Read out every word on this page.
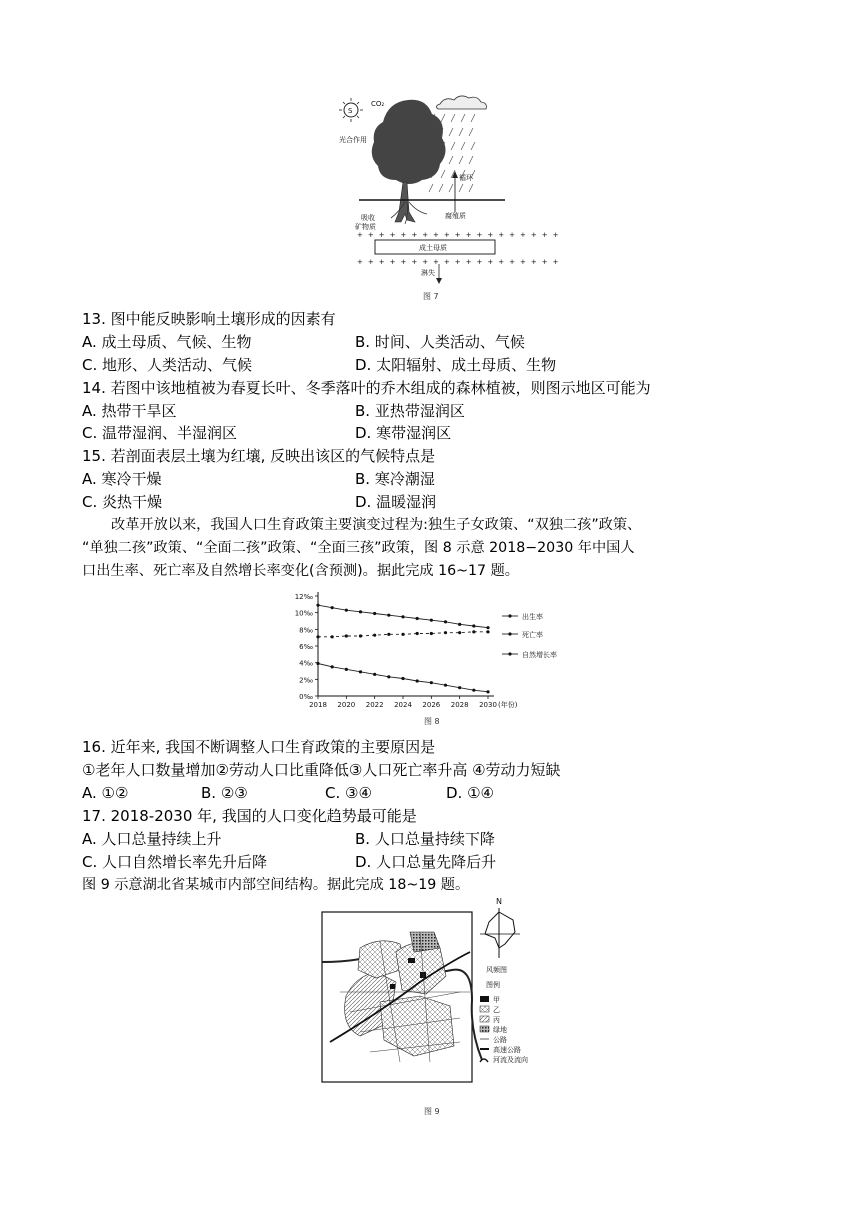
S
CO₂
光合作用
循环
腐殖质
吸收
矿物质
+++++++++++++++++++
成土母质
+++++++++++++++++++
淋失
图 7
13. 图中能反映影响土壤形成的因素有
A. 成土母质、气候、生物	B. 时间、人类活动、气候
C. 地形、人类活动、气候	D. 太阳辐射、成土母质、生物
14. 若图中该地植被为春夏长叶、冬季落叶的乔木组成的森林植被，则图示地区可能为
A. 热带干旱区	B. 亚热带湿润区
C. 温带湿润、半湿润区	D. 寒带湿润区
15. 若剖面表层土壤为红壤, 反映出该区的气候特点是
A. 寒冷干燥	B. 寒冷潮湿
C. 炎热干燥	D. 温暖湿润
改革开放以来，我国人口生育政策主要演变过程为:独生子女政策、“双独二孩”政策、
“单独二孩”政策、“全面二孩”政策、“全面三孩”政策，图 8 示意 2018−2030 年中国人
口出生率、死亡率及自然增长率变化(含预测)。据此完成 16~17 题。
12‰
10‰
8‰
6‰
4‰
2‰
0‰
2018 2020 2022 2024 2026 2028 2030 (年份)
出生率
死亡率
自然增长率
图 8
16. 近年来, 我国不断调整人口生育政策的主要原因是
①老年人口数量增加②劳动人口比重降低③人口死亡率升高 ④劳动力短缺
A. ①②	B. ②③	C. ③④	D. ①④
17. 2018-2030 年, 我国的人口变化趋势最可能是
A. 人口总量持续上升	B. 人口总量持续下降
C. 人口自然增长率先升后降	D. 人口总量先降后升
图 9 示意湖北省某城市内部空间结构。据此完成 18~19 题。
N
风频图
图例
甲
乙
丙
绿地
公路
高速公路
河流及流向
图 9
